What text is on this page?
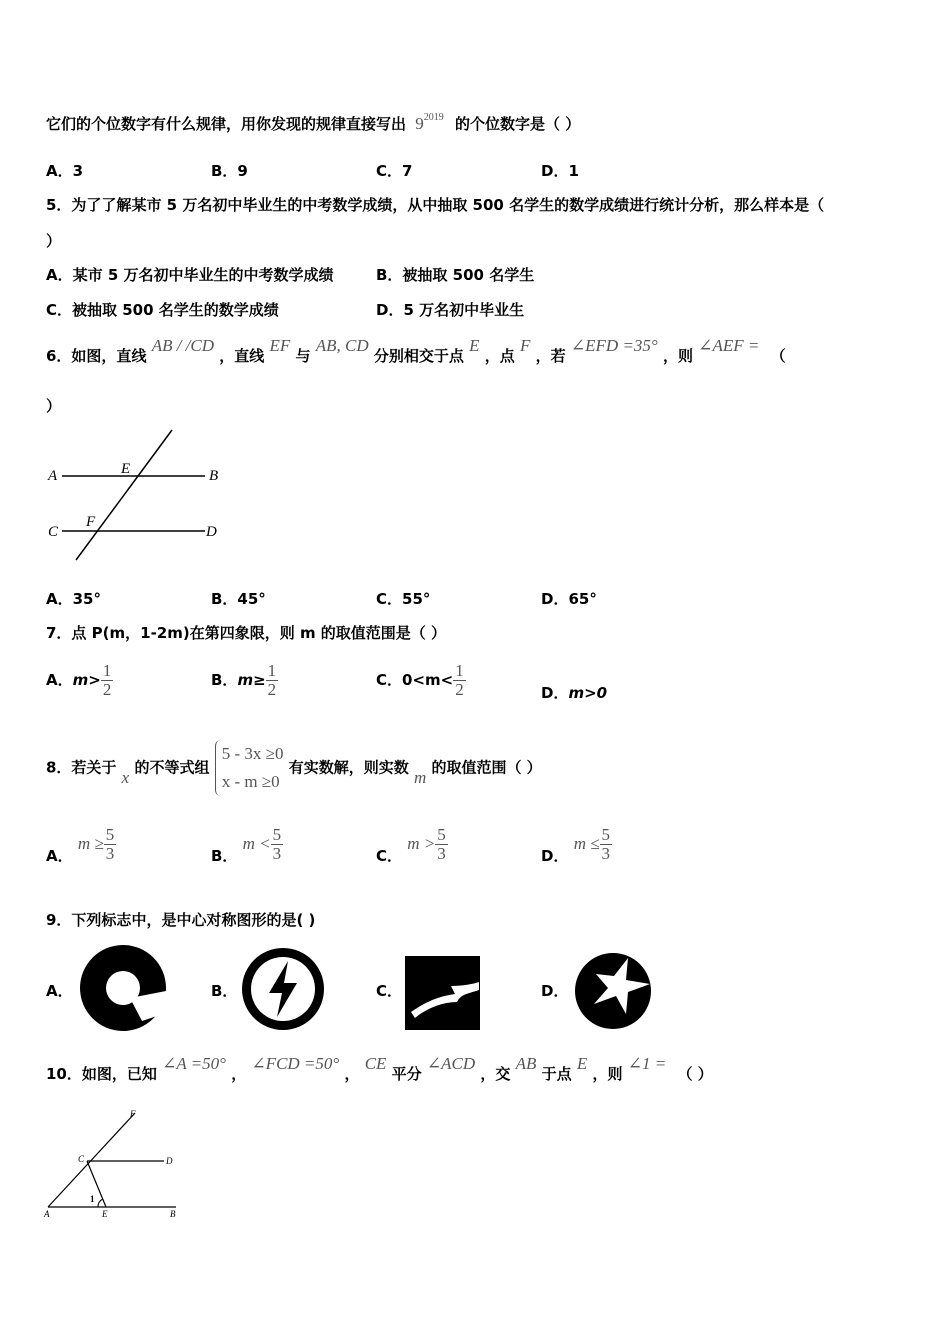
它们的个位数字有什么规律，用你发现的规律直接写出 $9^{2019}$ 的个位数字是（ ）
A．3	B．9	C．7	D．1
5．为了了解某市 5 万名初中毕业生的中考数学成绩，从中抽取 500 名学生的数学成绩进行统计分析，那么样本是（
）
A．某市 5 万名初中毕业生的中考数学成绩	B．被抽取 500 名学生
C．被抽取 500 名学生的数学成绩	D．5 万名初中毕业生
6．如图，直线 AB / /CD ，直线 EF 与 AB, CD 分别相交于点 E ，点 F ，若 ∠EFD =35° ，则 ∠AEF = （
）
A	E	B
C
F
D
A．35°	B．45°	C．55°	D．65°
7．点 P(m，1-2m)在第四象限，则 m 的取值范围是（ ）
A．$m> \frac{1}{2}$	B．$m\ge \frac{1}{2}$	C．$0<m< \frac{1}{2}$	D．m>0
8．若关于 x 的不等式组
5 - 3x ≥0
x - m ≥0
有实数解，则实数 m 的取值范围（ ）
A． $m \ge \frac{5}{3}$	B． $m < \frac{5}{3}$	C． $m > \frac{5}{3}$	D． $m \le \frac{5}{3}$
9．下列标志中，是中心对称图形的是( )
A．	B．	C．	D．
10．如图，已知 ∠A =50° ， ∠FCD =50° ， CE 平分 ∠ACD ，交 AB 于点 E ，则 ∠1 = （ ）
F
C	D
1
A	E	B
